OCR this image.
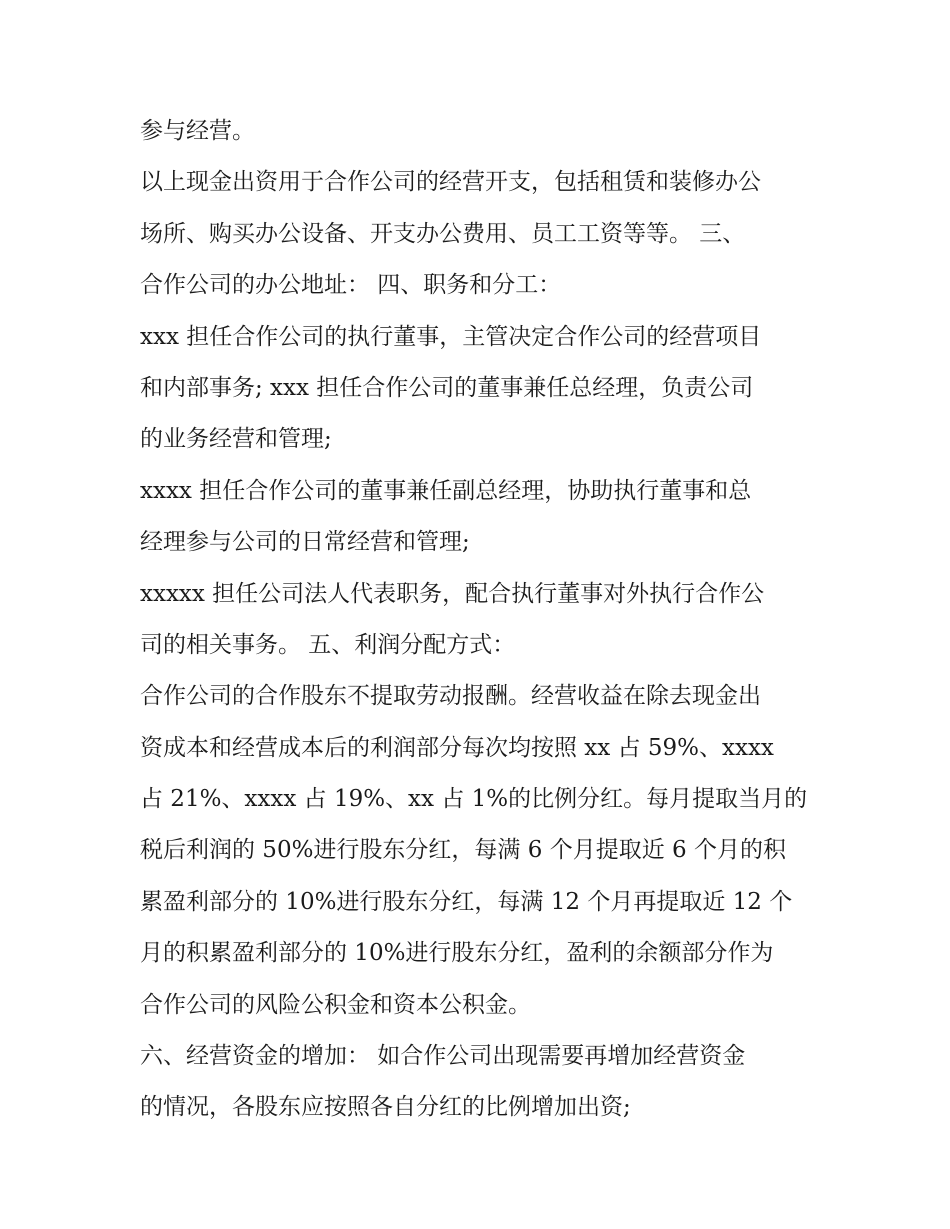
参与经营。
以上现金出资用于合作公司的经营开支，包括租赁和装修办公
场所、购买办公设备、开支办公费用、员工工资等等。 三、
合作公司的办公地址： 四、职务和分工：
xxx 担任合作公司的执行董事，主管决定合作公司的经营项目
和内部事务; xxx 担任合作公司的董事兼任总经理，负责公司
的业务经营和管理;
xxxx 担任合作公司的董事兼任副总经理，协助执行董事和总
经理参与公司的日常经营和管理;
xxxxx 担任公司法人代表职务，配合执行董事对外执行合作公
司的相关事务。 五、利润分配方式：
合作公司的合作股东不提取劳动报酬。经营收益在除去现金出
资成本和经营成本后的利润部分每次均按照 xx 占 59%、xxxx
占 21%、xxxx 占 19%、xx 占 1%的比例分红。每月提取当月的
税后利润的 50%进行股东分红，每满 6 个月提取近 6 个月的积
累盈利部分的 10%进行股东分红，每满 12 个月再提取近 12 个
月的积累盈利部分的 10%进行股东分红，盈利的余额部分作为
合作公司的风险公积金和资本公积金。
六、经营资金的增加： 如合作公司出现需要再增加经营资金
的情况，各股东应按照各自分红的比例增加出资;
